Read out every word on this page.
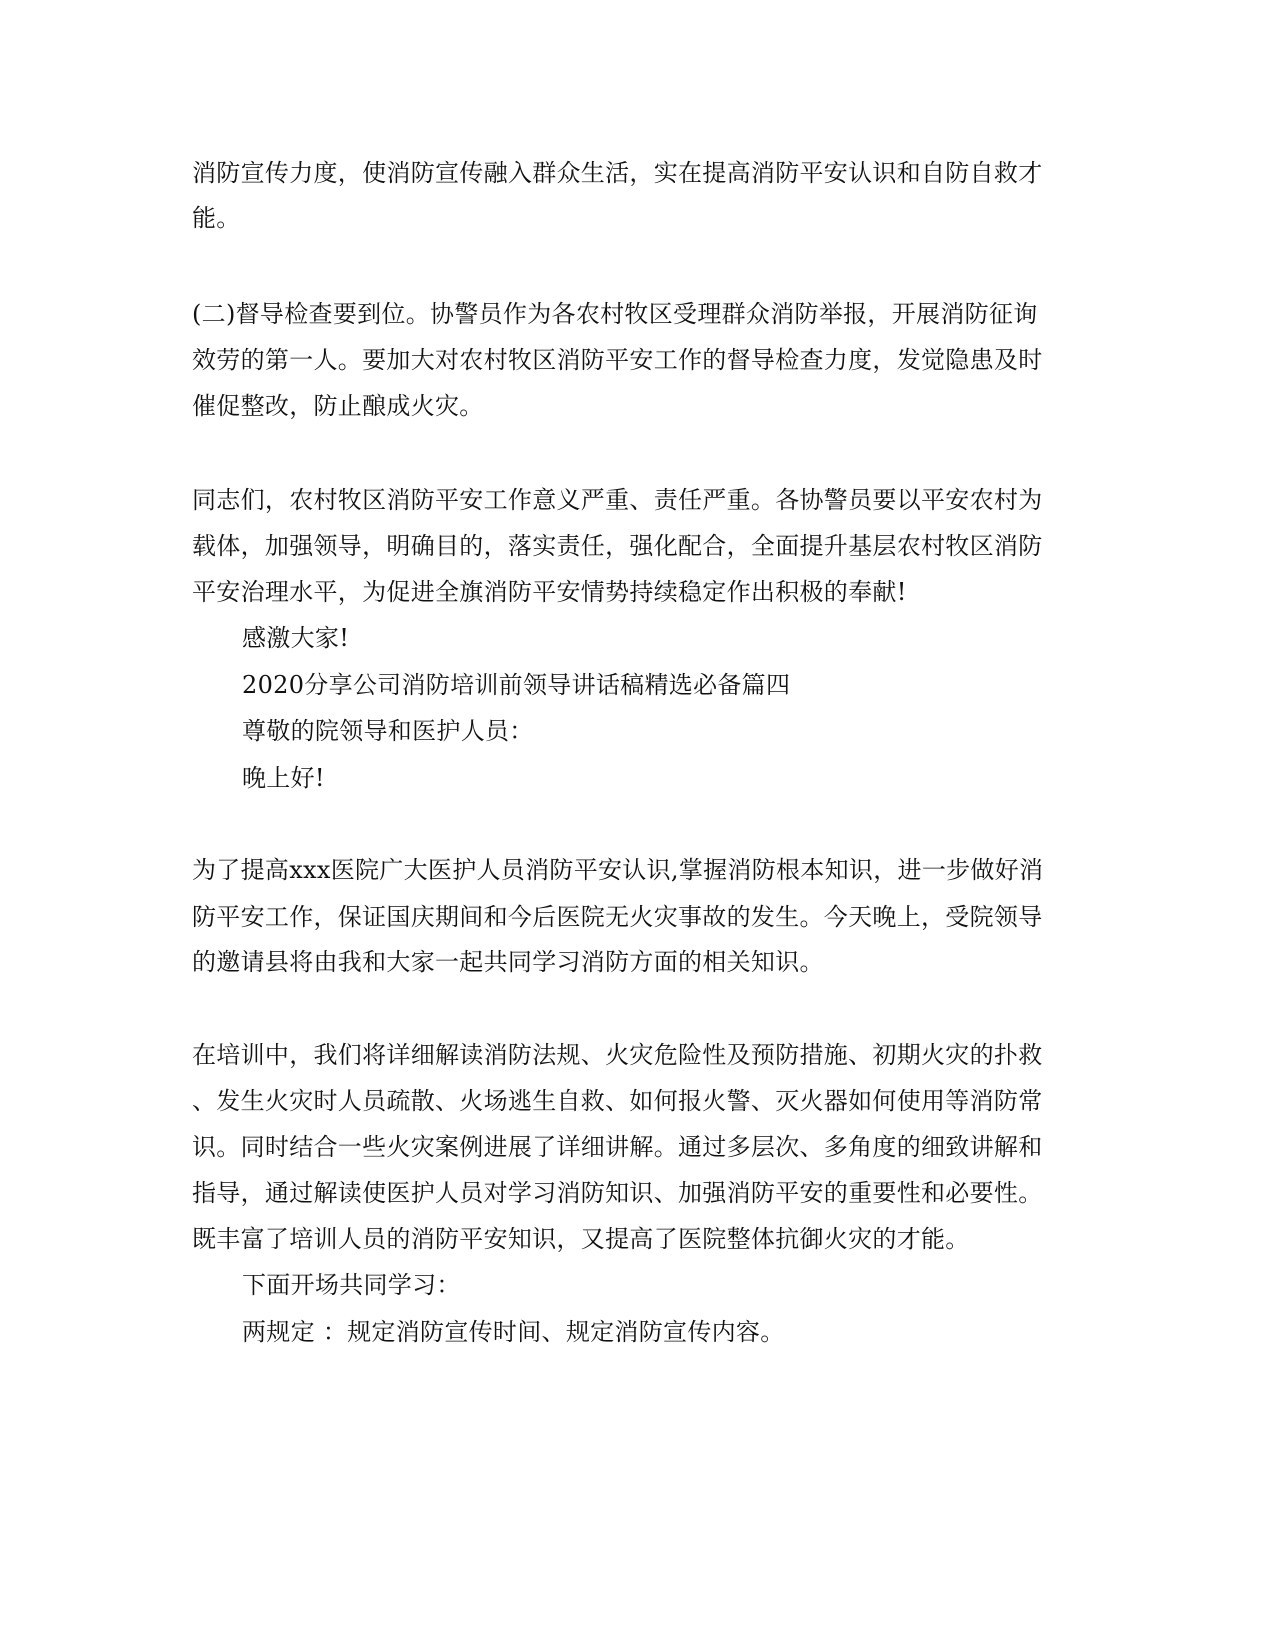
消防宣传力度，使消防宣传融入群众生活，实在提高消防平安认识和自防自救才
能。
(二)督导检查要到位。协警员作为各农村牧区受理群众消防举报，开展消防征询
效劳的第一人。要加大对农村牧区消防平安工作的督导检查力度，发觉隐患及时
催促整改，防止酿成火灾。
同志们，农村牧区消防平安工作意义严重、责任严重。各协警员要以平安农村为
载体，加强领导，明确目的，落实责任，强化配合，全面提升基层农村牧区消防
平安治理水平，为促进全旗消防平安情势持续稳定作出积极的奉献!
感激大家!
2020分享公司消防培训前领导讲话稿精选必备篇四
尊敬的院领导和医护人员：
晚上好!
为了提高xxx医院广大医护人员消防平安认识,掌握消防根本知识，进一步做好消
防平安工作，保证国庆期间和今后医院无火灾事故的发生。今天晚上，受院领导
的邀请县将由我和大家一起共同学习消防方面的相关知识。
在培训中，我们将详细解读消防法规、火灾危险性及预防措施、初期火灾的扑救
、发生火灾时人员疏散、火场逃生自救、如何报火警、灭火器如何使用等消防常
识。同时结合一些火灾案例进展了详细讲解。通过多层次、多角度的细致讲解和
指导，通过解读使医护人员对学习消防知识、加强消防平安的重要性和必要性。
既丰富了培训人员的消防平安知识，又提高了医院整体抗御火灾的才能。
下面开场共同学习：
两规定 ：规定消防宣传时间、规定消防宣传内容。
